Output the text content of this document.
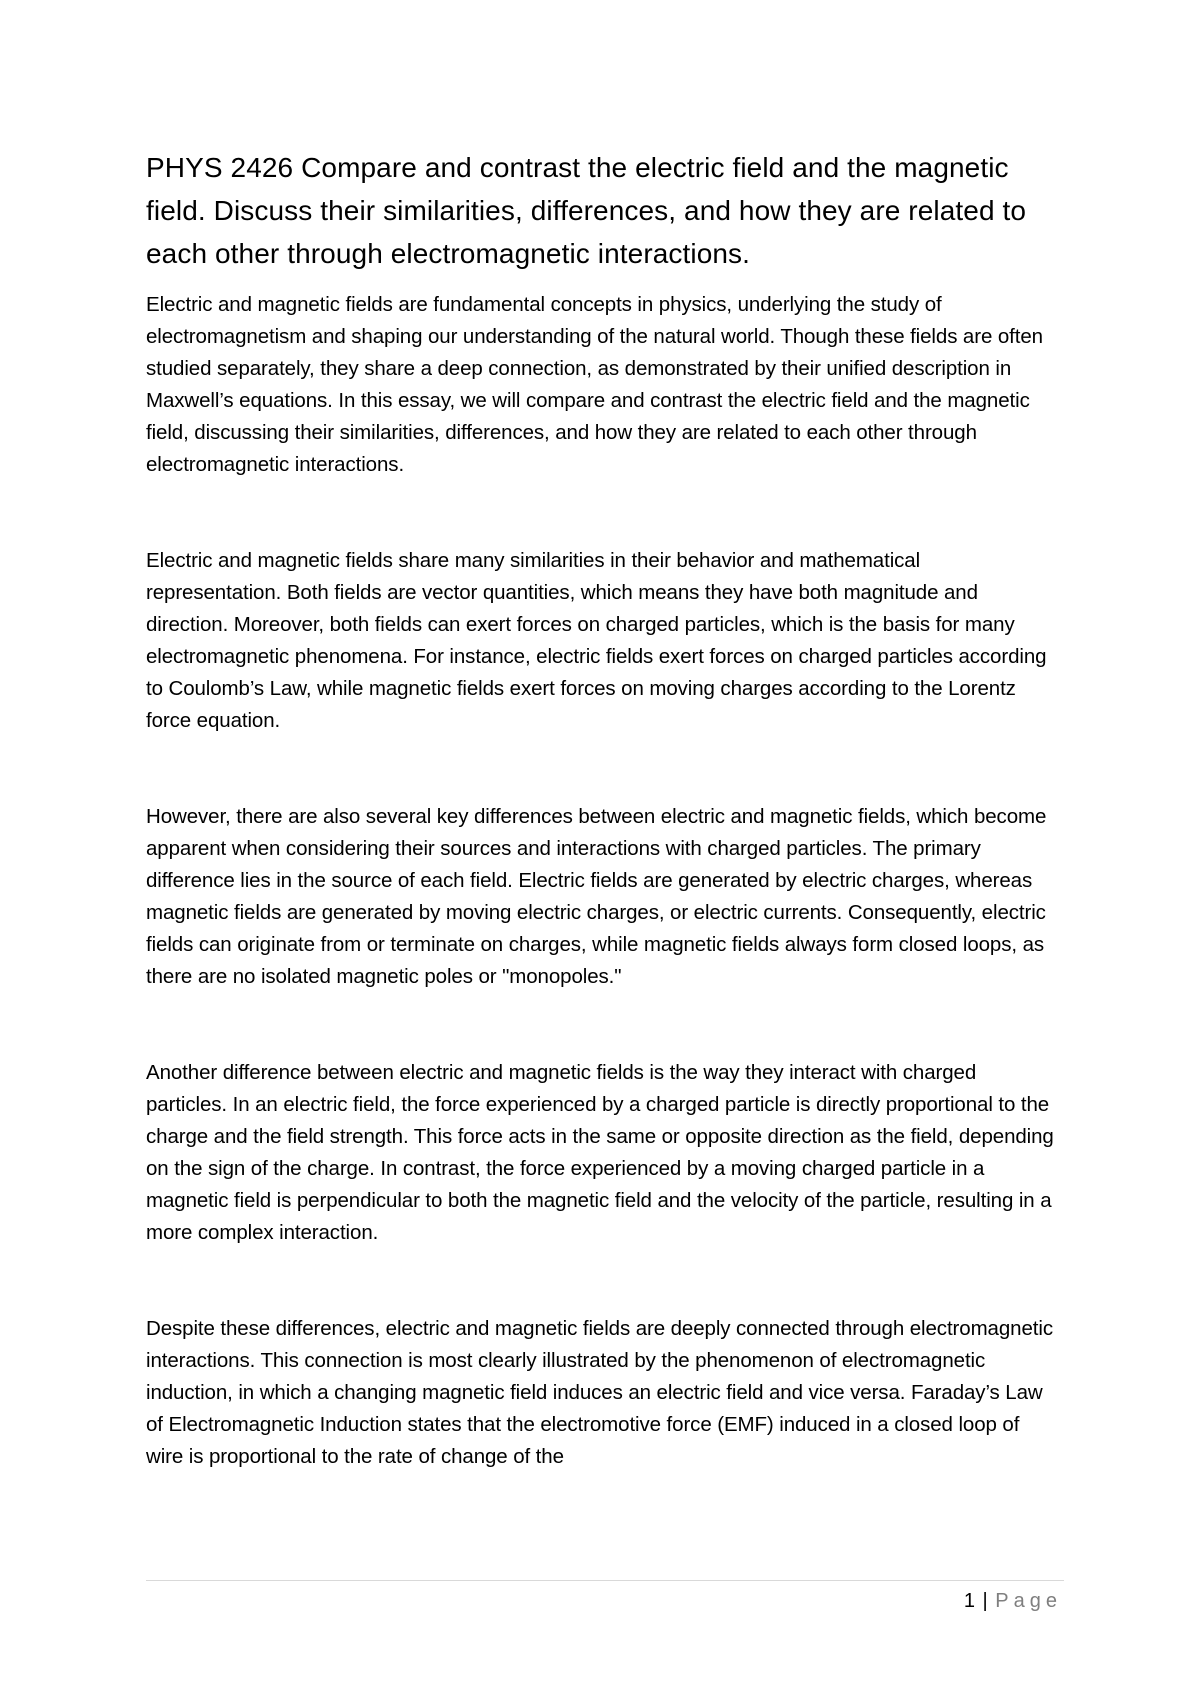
PHYS 2426 Compare and contrast the electric field and the magnetic field. Discuss their similarities, differences, and how they are related to each other through electromagnetic interactions.

Electric and magnetic fields are fundamental concepts in physics, underlying the study of electromagnetism and shaping our understanding of the natural world. Though these fields are often studied separately, they share a deep connection, as demonstrated by their unified description in Maxwell’s equations. In this essay, we will compare and contrast the electric field and the magnetic field, discussing their similarities, differences, and how they are related to each other through electromagnetic interactions.

Electric and magnetic fields share many similarities in their behavior and mathematical representation. Both fields are vector quantities, which means they have both magnitude and direction. Moreover, both fields can exert forces on charged particles, which is the basis for many electromagnetic phenomena. For instance, electric fields exert forces on charged particles according to Coulomb’s Law, while magnetic fields exert forces on moving charges according to the Lorentz force equation.

However, there are also several key differences between electric and magnetic fields, which become apparent when considering their sources and interactions with charged particles. The primary difference lies in the source of each field. Electric fields are generated by electric charges, whereas magnetic fields are generated by moving electric charges, or electric currents. Consequently, electric fields can originate from or terminate on charges, while magnetic fields always form closed loops, as there are no isolated magnetic poles or "monopoles."

Another difference between electric and magnetic fields is the way they interact with charged particles. In an electric field, the force experienced by a charged particle is directly proportional to the charge and the field strength. This force acts in the same or opposite direction as the field, depending on the sign of the charge. In contrast, the force experienced by a moving charged particle in a magnetic field is perpendicular to both the magnetic field and the velocity of the particle, resulting in a more complex interaction.

Despite these differences, electric and magnetic fields are deeply connected through electromagnetic interactions. This connection is most clearly illustrated by the phenomenon of electromagnetic induction, in which a changing magnetic field induces an electric field and vice versa. Faraday’s Law of Electromagnetic Induction states that the electromotive force (EMF) induced in a closed loop of wire is proportional to the rate of change of the

1 | Page
